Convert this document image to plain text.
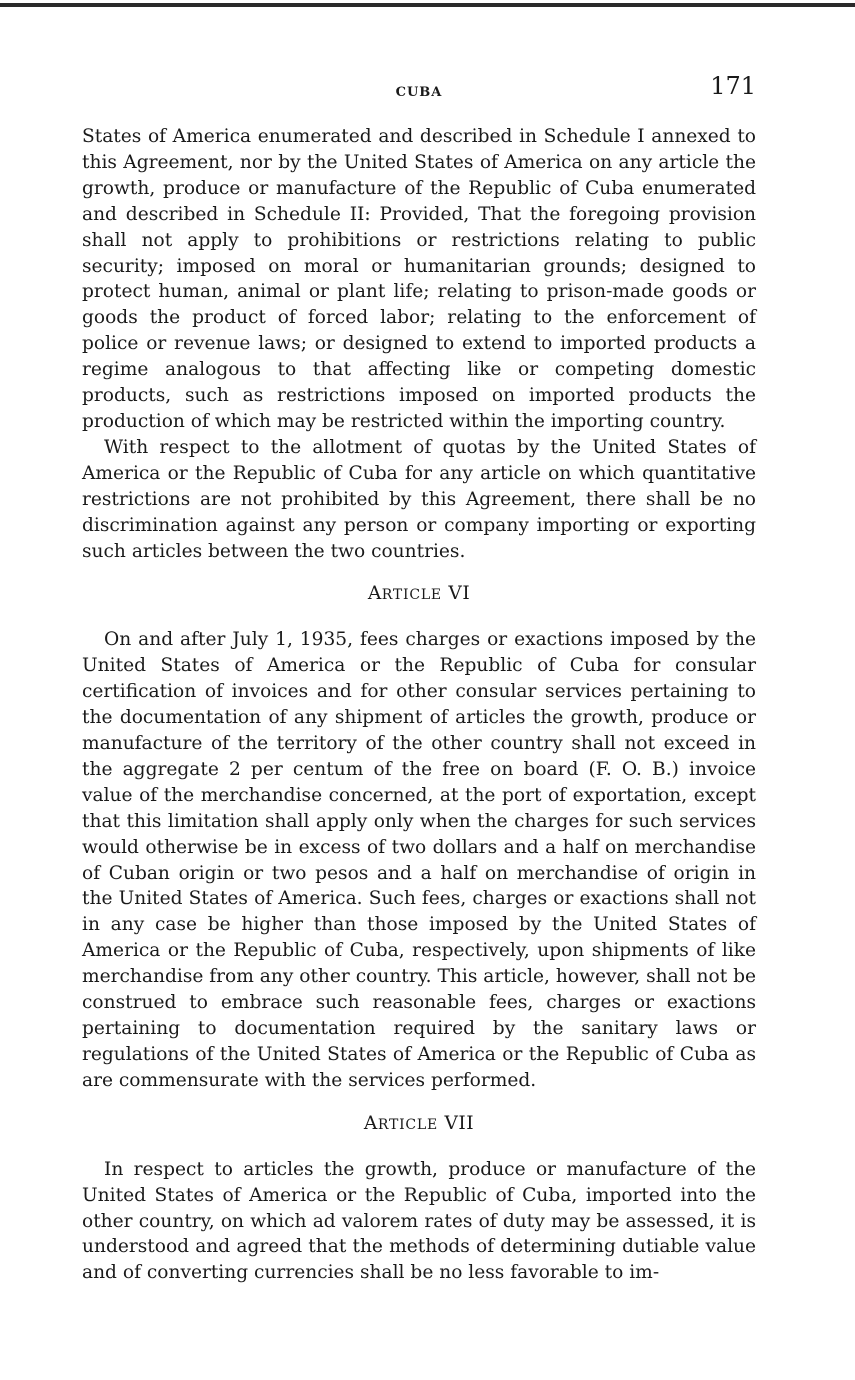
CUBA	171

States of America enumerated and described in Schedule I annexed to this Agreement, nor by the United States of America on any article the growth, produce or manufacture of the Republic of Cuba enumerated and described in Schedule II: Provided, That the foregoing provision shall not apply to prohibitions or restrictions relating to public security; imposed on moral or humanitarian grounds; designed to protect human, animal or plant life; relating to prison-made goods or goods the product of forced labor; relating to the enforcement of police or revenue laws; or designed to extend to imported products a regime analogous to that affecting like or competing domestic products, such as restrictions imposed on imported products the production of which may be restricted within the importing country.

With respect to the allotment of quotas by the United States of America or the Republic of Cuba for any article on which quantitative restrictions are not prohibited by this Agreement, there shall be no discrimination against any person or company importing or exporting such articles between the two countries.

ARTICLE VI

On and after July 1, 1935, fees charges or exactions imposed by the United States of America or the Republic of Cuba for consular certification of invoices and for other consular services pertaining to the documentation of any shipment of articles the growth, produce or manufacture of the territory of the other country shall not exceed in the aggregate 2 per centum of the free on board (F. O. B.) invoice value of the merchandise concerned, at the port of exportation, except that this limitation shall apply only when the charges for such services would otherwise be in excess of two dollars and a half on merchandise of Cuban origin or two pesos and a half on merchandise of origin in the United States of America. Such fees, charges or exactions shall not in any case be higher than those imposed by the United States of America or the Republic of Cuba, respectively, upon shipments of like merchandise from any other country. This article, however, shall not be construed to embrace such reasonable fees, charges or exactions pertaining to documentation required by the sanitary laws or regulations of the United States of America or the Republic of Cuba as are commensurate with the services performed.

ARTICLE VII

In respect to articles the growth, produce or manufacture of the United States of America or the Republic of Cuba, imported into the other country, on which ad valorem rates of duty may be assessed, it is understood and agreed that the methods of determining dutiable value and of converting currencies shall be no less favorable to im-
